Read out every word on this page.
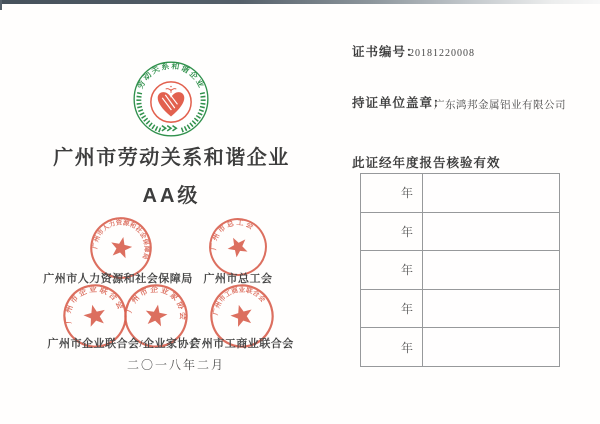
劳动关系和谐企业
广州市劳动关系和谐企业
AA级
广州市人力资源和社会保障局
广州市总工会
广州市企业联合会
广州市企业家协会
广州市工商业联合会
广州市人力资源和社会保障局 广州市总工会
广州市企业联合会/企业家协会
广州市工商业联合会
二〇一八年二月
证书编号：
20181220008
持证单位盖章：
广东鸿邦金属铝业有限公司
此证经年度报告核验有效
年	
年	
年	
年	
年	
